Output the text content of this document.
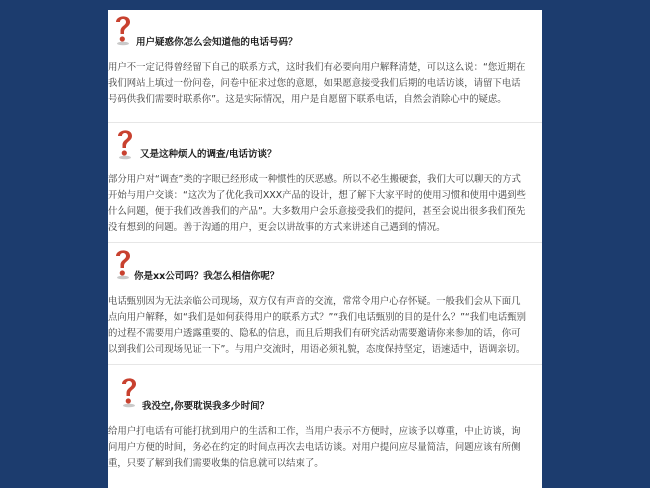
用户疑惑你怎么会知道他的电话号码？
用户不一定记得曾经留下自己的联系方式，这时我们有必要向用户解释清楚，可以这么说：“您近期在
我们网站上填过一份问卷，问卷中征求过您的意愿，如果愿意接受我们后期的电话访谈，请留下电话
号码供我们需要时联系你”。这是实际情况，用户是自愿留下联系电话，自然会消除心中的疑虑。
又是这种烦人的调查/电话访谈？
部分用户对“调查”类的字眼已经形成一种惯性的厌恶感。所以不必生搬硬套，我们大可以聊天的方式
开始与用户交谈：“这次为了优化我司XXX产品的设计，想了解下大家平时的使用习惯和使用中遇到些
什么问题，便于我们改善我们的产品”。大多数用户会乐意接受我们的提问，甚至会说出很多我们预先
没有想到的问题。善于沟通的用户，更会以讲故事的方式来讲述自己遇到的情况。
你是xx公司吗？我怎么相信你呢？
电话甄别因为无法亲临公司现场，双方仅有声音的交流，常常令用户心存怀疑。一般我们会从下面几
点向用户解释，如“我们是如何获得用户的联系方式？”“我们电话甄别的目的是什么？”“我们电话甄别
的过程不需要用户透露重要的、隐私的信息，而且后期我们有研究活动需要邀请你来参加的话，你可
以到我们公司现场见证一下”。与用户交流时，用语必须礼貌，态度保持坚定，语速适中，语调亲切。
我没空,你要耽误我多少时间？
给用户打电话有可能打扰到用户的生活和工作，当用户表示不方便时，应该予以尊重，中止访谈，询
问用户方便的时间，务必在约定的时间点再次去电话访谈。对用户提问应尽量简洁，问题应该有所侧
重，只要了解到我们需要收集的信息就可以结束了。
